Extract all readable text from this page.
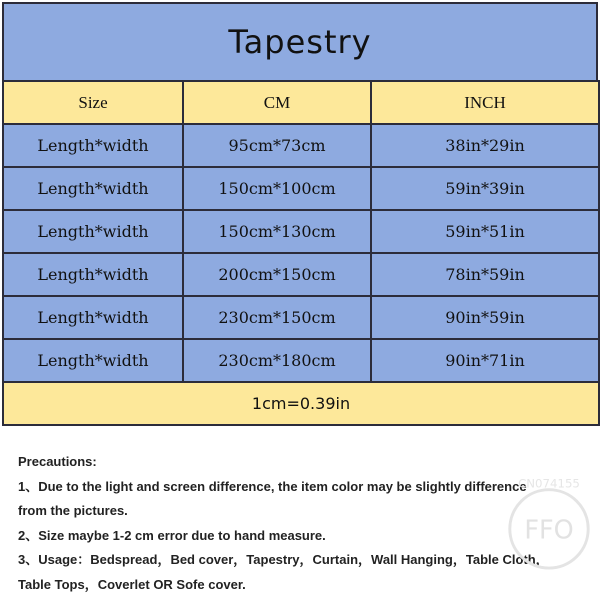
Tapestry
Size	CM	INCH
Length*width	95cm*73cm	38in*29in
Length*width	150cm*100cm	59in*39in
Length*width	150cm*130cm	59in*51in
Length*width	200cm*150cm	78in*59in
Length*width	230cm*150cm	90in*59in
Length*width	230cm*180cm	90in*71in
1cm=0.39in		
Precautions:
1、Due to the light and screen difference, the item color may be slightly difference
from the pictures.
2、Size maybe 1-2 cm error due to hand measure.
3、Usage：Bedspread，Bed cover，Tapestry，Curtain，Wall Hanging，Table Cloth，
Table Tops，Coverlet OR Sofe cover.
FFO
CN074155
